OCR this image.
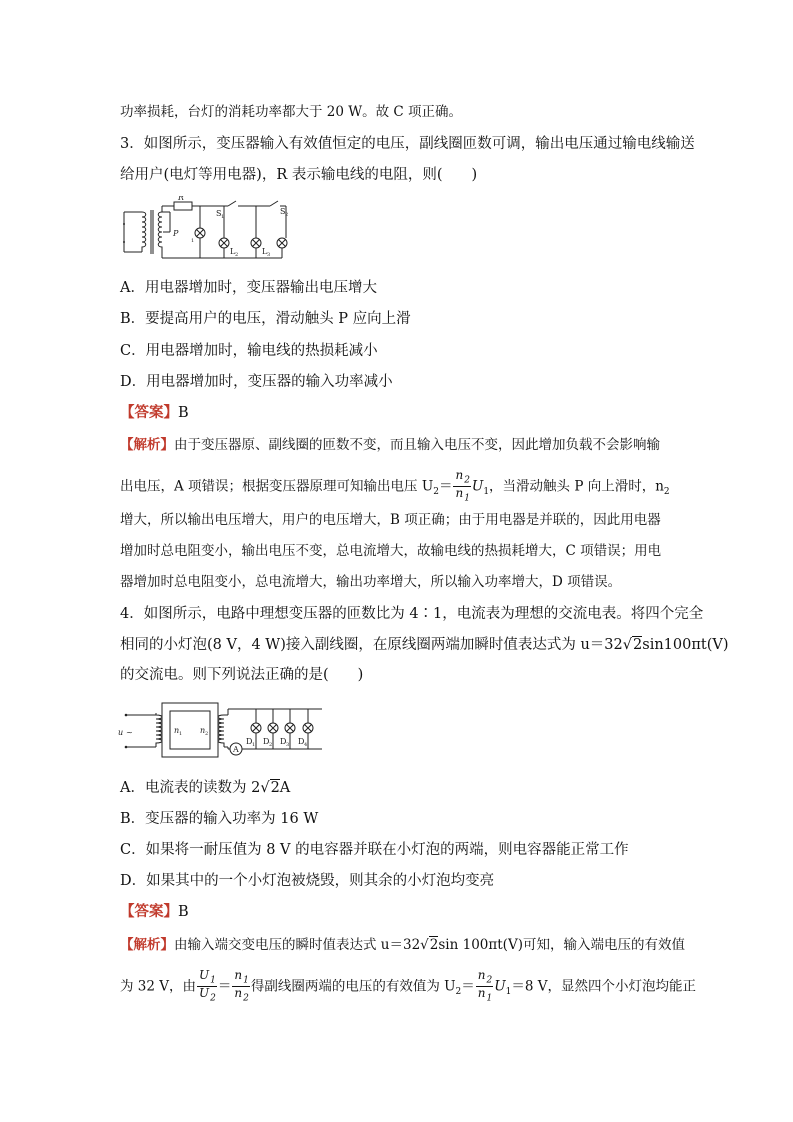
功率损耗，台灯的消耗功率都大于 20 W。故 C 项正确。
3．如图所示，变压器输入有效值恒定的电压，副线圈匝数可调，输出电压通过输电线输送
给用户(电灯等用电器)，R 表示输电线的电阻，则(　　)
R
P
1
S 1
L 2	L 3
S 2
A．用电器增加时，变压器输出电压增大
B．要提高用户的电压，滑动触头 P 应向上滑
C．用电器增加时，输电线的热损耗减小
D．用电器增加时，变压器的输入功率减小
【答案】B
【解析】由于变压器原、副线圈的匝数不变，而且输入电压不变，因此增加负载不会影响输
出电压，A 项错误；根据变压器原理可知输出电压 $U_2= \frac{n_2}{n_1} U_1$，当滑动触头 P 向上滑时，$n_2$
增大，所以输出电压增大，用户的电压增大，B 项正确；由于用电器是并联的，因此用电器
增加时总电阻变小，输出电压不变，总电流增大，故输电线的热损耗增大，C 项错误；用电
器增加时总电阻变小，总电流增大，输出功率增大，所以输入功率增大，D 项错误。
4．如图所示，电路中理想变压器的匝数比为 4∶1，电流表为理想的交流电表。将四个完全
相同的小灯泡(8 V，4 W)接入副线圈，在原线圈两端加瞬时值表达式为 u＝32√2sin100πt(V)
的交流电。则下列说法正确的是(　　)
u ~	n 1 n 2
A
D 1 D 2 D 3 D 4
A．电流表的读数为 2√2A
B．变压器的输入功率为 16 W
C．如果将一耐压值为 8 V 的电容器并联在小灯泡的两端，则电容器能正常工作
D．如果其中的一个小灯泡被烧毁，则其余的小灯泡均变亮
【答案】B
【解析】由输入端交变电压的瞬时值表达式 u＝32√2sin 100πt(V)可知，输入端电压的有效值
为 32 V，由 $\frac{U_1}{U_2} = \frac{n_1}{n_2}$ 得副线圈两端的电压的有效值为 $U_2= \frac{n_2}{n_1} U_1=8$ V，显然四个小灯泡均能正
